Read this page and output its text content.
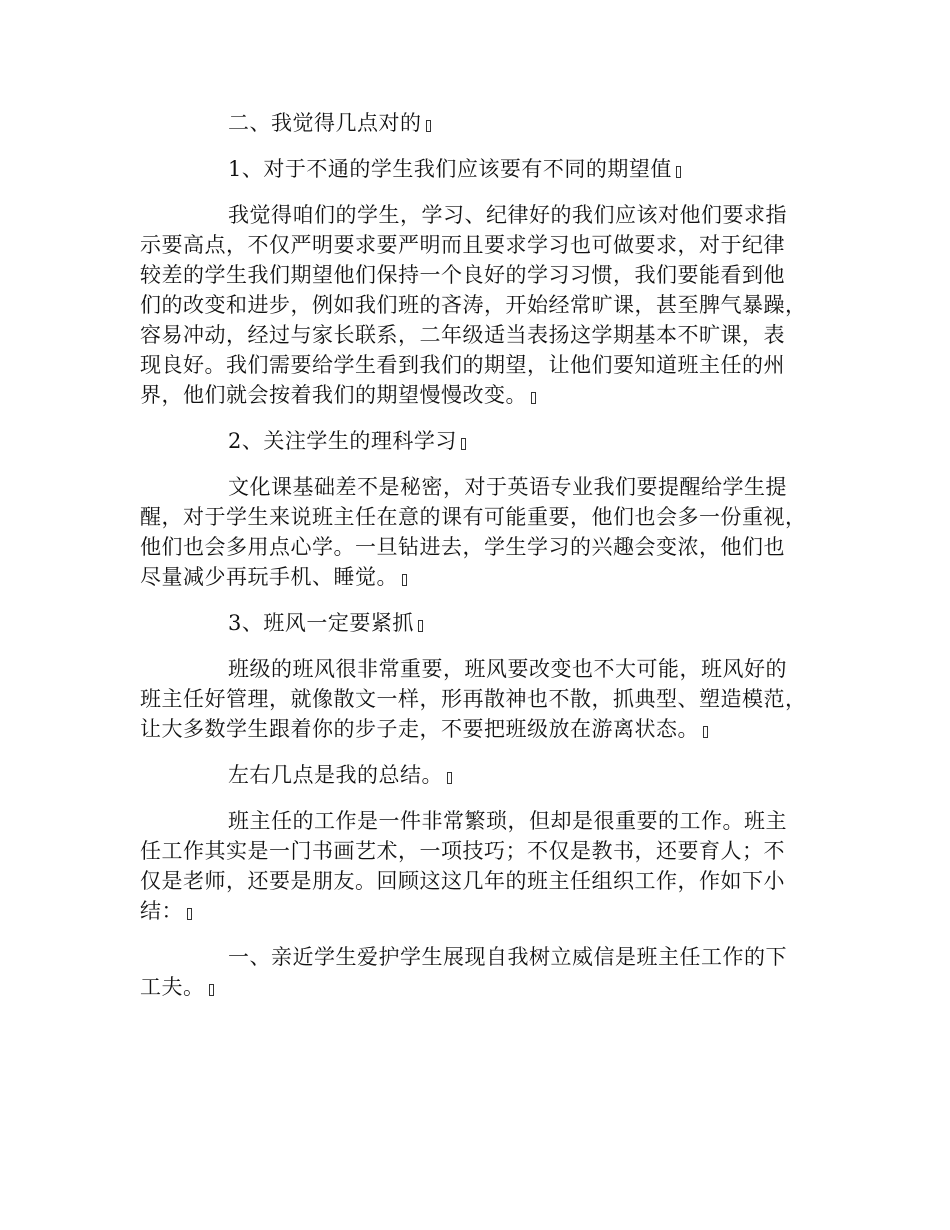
二、我觉得几点对的
1、对于不通的学生我们应该要有不同的期望值
我觉得咱们的学生，学习、纪律好的我们应该对他们要求指
示要高点，不仅严明要求要严明而且要求学习也可做要求，对于纪律
较差的学生我们期望他们保持一个良好的学习习惯，我们要能看到他
们的改变和进步，例如我们班的吝涛，开始经常旷课，甚至脾气暴躁，
容易冲动，经过与家长联系，二年级适当表扬这学期基本不旷课，表
现良好。我们需要给学生看到我们的期望，让他们要知道班主任的州
界，他们就会按着我们的期望慢慢改变。
2、关注学生的理科学习
文化课基础差不是秘密，对于英语专业我们要提醒给学生提
醒，对于学生来说班主任在意的课有可能重要，他们也会多一份重视，
他们也会多用点心学。一旦钻进去，学生学习的兴趣会变浓，他们也
尽量减少再玩手机、睡觉。
3、班风一定要紧抓
班级的班风很非常重要，班风要改变也不大可能，班风好的
班主任好管理，就像散文一样，形再散神也不散，抓典型、塑造模范，
让大多数学生跟着你的步子走，不要把班级放在游离状态。
左右几点是我的总结。
班主任的工作是一件非常繁琐，但却是很重要的工作。班主
任工作其实是一门书画艺术，一项技巧；不仅是教书，还要育人；不
仅是老师，还要是朋友。回顾这这几年的班主任组织工作，作如下小
结：
一、亲近学生爱护学生展现自我树立威信是班主任工作的下
工夫。
